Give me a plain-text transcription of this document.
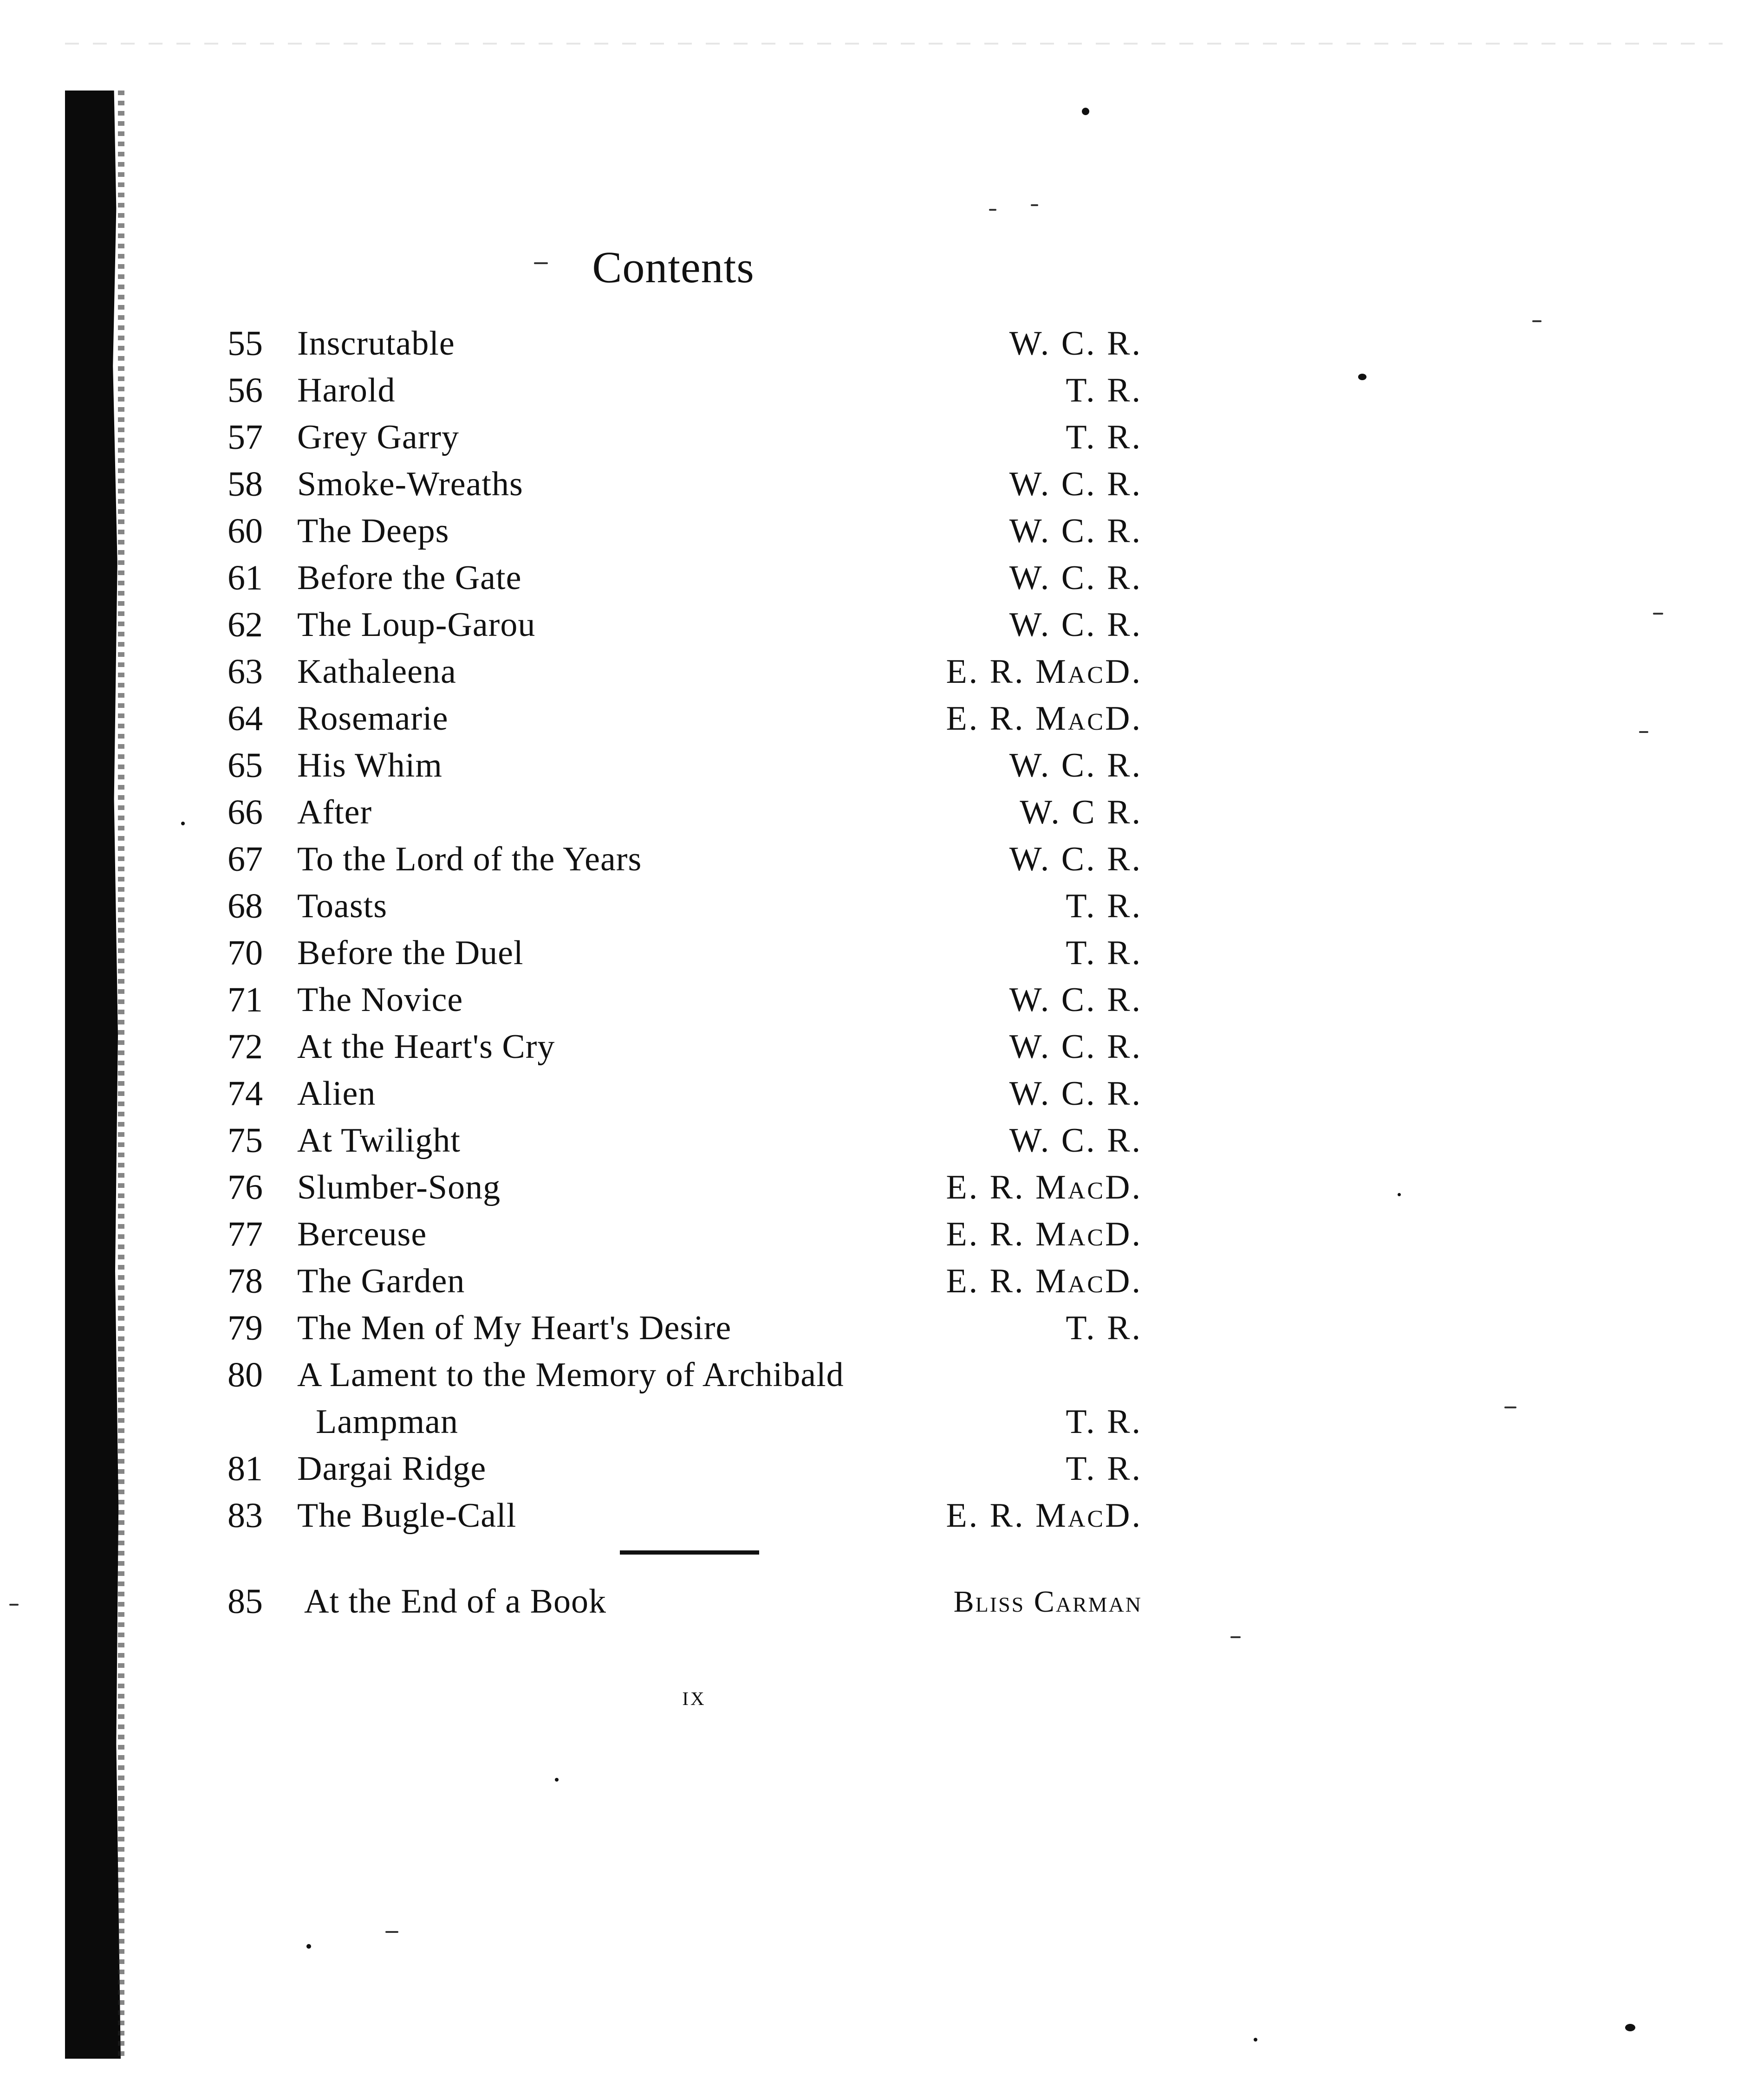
Contents
55	Inscrutable	W. C. R.
56	Harold	T. R.
57	Grey Garry	T. R.
58	Smoke-Wreaths	W. C. R.
60	The Deeps	W. C. R.
61	Before the Gate	W. C. R.
62	The Loup-Garou	W. C. R.
63	Kathaleena	E. R. MacD.
64	Rosemarie	E. R. MacD.
65	His Whim	W. C. R.
66	After	W. C R.
67	To the Lord of the Years	W. C. R.
68	Toasts	T. R.
70	Before the Duel	T. R.
71	The Novice	W. C. R.
72	At the Heart's Cry	W. C. R.
74	Alien	W. C. R.
75	At Twilight	W. C. R.
76	Slumber-Song	E. R. MacD.
77	Berceuse	E. R. MacD.
78	The Garden	E. R. MacD.
79	The Men of My Heart's Desire	T. R.
80	A Lament to the Memory of Archibald
Lampman	T. R.
81	Dargai Ridge	T. R.
83	The Bugle-Call	E. R. MacD.
85	At the End of a Book	Bliss Carman
ix
